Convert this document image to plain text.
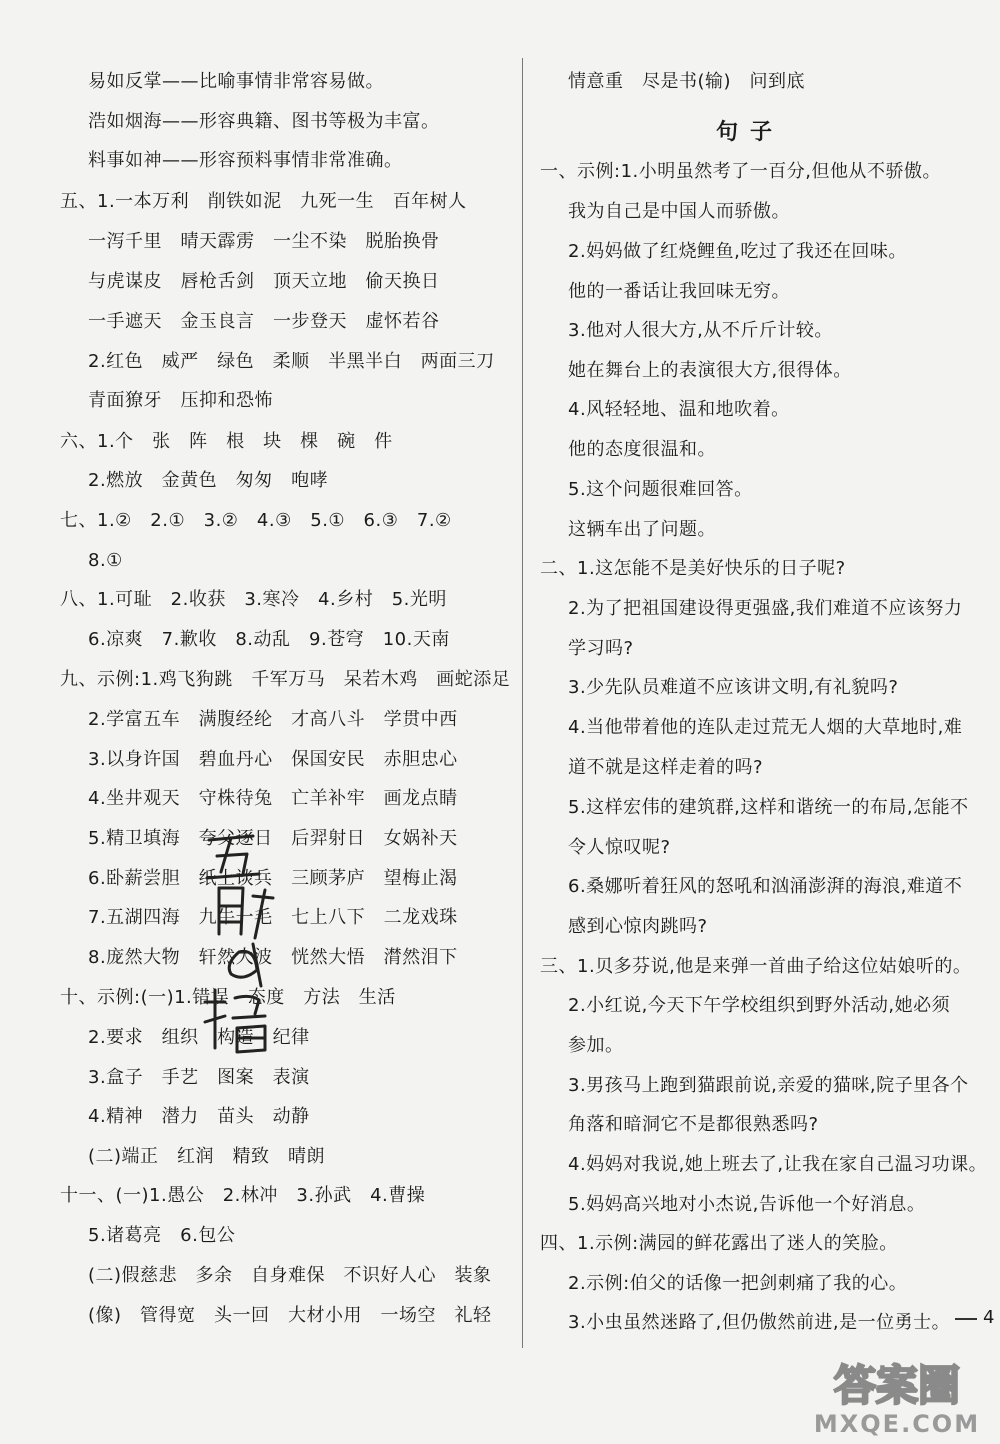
易如反掌——比喻事情非常容易做。
浩如烟海——形容典籍、图书等极为丰富。
料事如神——形容预料事情非常准确。
五、1.一本万利　削铁如泥　九死一生　百年树人
一泻千里　晴天霹雳　一尘不染　脱胎换骨
与虎谋皮　唇枪舌剑　顶天立地　偷天换日
一手遮天　金玉良言　一步登天　虚怀若谷
2.红色　威严　绿色　柔顺　半黑半白　两面三刀
青面獠牙　压抑和恐怖
六、1.个　张　阵　根　块　棵　碗　件
2.燃放　金黄色　匆匆　咆哮
七、1.②　2.①　3.②　4.③　5.①　6.③　7.②
8.①
八、1.可耻　2.收获　3.寒冷　4.乡村　5.光明
6.凉爽　7.歉收　8.动乱　9.苍穹　10.天南
九、示例:1.鸡飞狗跳　千军万马　呆若木鸡　画蛇添足
2.学富五车　满腹经纶　才高八斗　学贯中西
3.以身许国　碧血丹心　保国安民　赤胆忠心
4.坐井观天　守株待兔　亡羊补牢　画龙点睛
5.精卫填海　夸父逐日　后羿射日　女娲补天
6.卧薪尝胆　纸上谈兵　三顾茅庐　望梅止渴
7.五湖四海　九牛一毛　七上八下　二龙戏珠
8.庞然大物　轩然大波　恍然大悟　潸然泪下
十、示例:(一)1.错误　态度　方法　生活
2.要求　组织　构造　纪律
3.盒子　手艺　图案　表演
4.精神　潜力　苗头　动静
(二)端正　红润　精致　晴朗
十一、(一)1.愚公　2.林冲　3.孙武　4.曹操
5.诸葛亮　6.包公
(二)假慈悲　多余　自身难保　不识好人心　装象
(像)　管得宽　头一回　大材小用　一场空　礼轻
情意重　尽是书(输)　问到底
句子
一、示例:1.小明虽然考了一百分,但他从不骄傲。
我为自己是中国人而骄傲。
2.妈妈做了红烧鲤鱼,吃过了我还在回味。
他的一番话让我回味无穷。
3.他对人很大方,从不斤斤计较。
她在舞台上的表演很大方,很得体。
4.风轻轻地、温和地吹着。
他的态度很温和。
5.这个问题很难回答。
这辆车出了问题。
二、1.这怎能不是美好快乐的日子呢?
2.为了把祖国建设得更强盛,我们难道不应该努力
学习吗?
3.少先队员难道不应该讲文明,有礼貌吗?
4.当他带着他的连队走过荒无人烟的大草地时,难
道不就是这样走着的吗?
5.这样宏伟的建筑群,这样和谐统一的布局,怎能不
令人惊叹呢?
6.桑娜听着狂风的怒吼和汹涌澎湃的海浪,难道不
感到心惊肉跳吗?
三、1.贝多芬说,他是来弹一首曲子给这位姑娘听的。
2.小红说,今天下午学校组织到野外活动,她必须
参加。
3.男孩马上跑到猫跟前说,亲爱的猫咪,院子里各个
角落和暗洞它不是都很熟悉吗?
4.妈妈对我说,她上班去了,让我在家自己温习功课。
5.妈妈高兴地对小杰说,告诉他一个好消息。
四、1.示例:满园的鲜花露出了迷人的笑脸。
2.示例:伯父的话像一把剑刺痛了我的心。
3.小虫虽然迷路了,但仍傲然前进,是一位勇士。 4
答案圈
MXQE.COM
